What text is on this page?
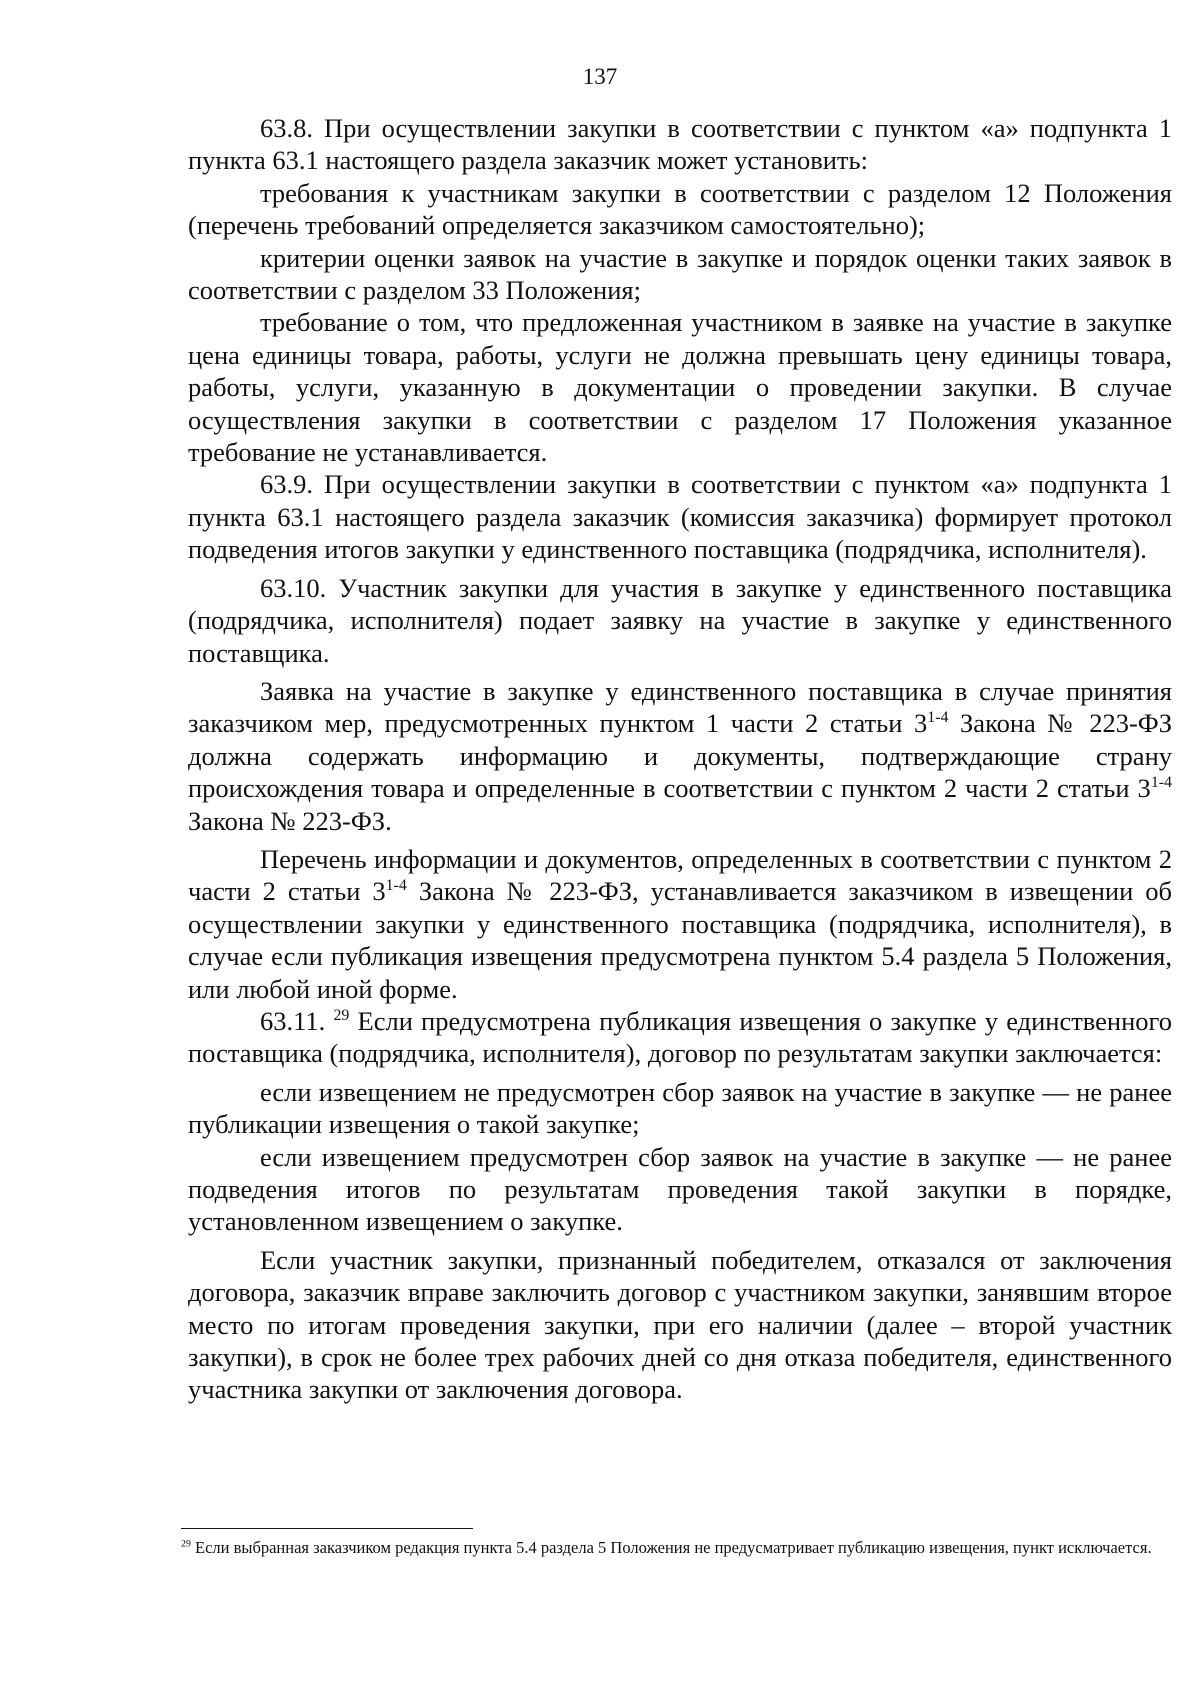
137

63.8. При осуществлении закупки в соответствии с пунктом «а» подпункта 1 пункта 63.1 настоящего раздела заказчик может установить:

требования к участникам закупки в соответствии с разделом 12 Положения (перечень требований определяется заказчиком самостоятельно);

критерии оценки заявок на участие в закупке и порядок оценки таких заявок в соответствии с разделом 33 Положения;

требование о том, что предложенная участником в заявке на участие в закупке цена единицы товара, работы, услуги не должна превышать цену единицы товара, работы, услуги, указанную в документации о проведении закупки. В случае осуществления закупки в соответствии с разделом 17 Положения указанное требование не устанавливается.

63.9. При осуществлении закупки в соответствии с пунктом «а» подпункта 1 пункта 63.1 настоящего раздела заказчик (комиссия заказчика) формирует протокол подведения итогов закупки у единственного поставщика (подрядчика, исполнителя).

63.10. Участник закупки для участия в закупке у единственного поставщика (подрядчика, исполнителя) подает заявку на участие в закупке у единственного поставщика.

Заявка на участие в закупке у единственного поставщика в случае принятия заказчиком мер, предусмотренных пунктом 1 части 2 статьи 3$^{1-4}$ Закона № 223-ФЗ должна содержать информацию и документы, подтверждающие страну происхождения товара и определенные в соответствии с пунктом 2 части 2 статьи 3$^{1-4}$ Закона № 223-ФЗ.

Перечень информации и документов, определенных в соответствии с пунктом 2 части 2 статьи 3$^{1-4}$ Закона № 223-ФЗ, устанавливается заказчиком в извещении об осуществлении закупки у единственного поставщика (подрядчика, исполнителя), в случае если публикация извещения предусмотрена пунктом 5.4 раздела 5 Положения, или любой иной форме.

63.11. $^{29}$ Если предусмотрена публикация извещения о закупке у единственного поставщика (подрядчика, исполнителя), договор по результатам закупки заключается:

если извещением не предусмотрен сбор заявок на участие в закупке — не ранее публикации извещения о такой закупке;

если извещением предусмотрен сбор заявок на участие в закупке — не ранее подведения итогов по результатам проведения такой закупки в порядке, установленном извещением о закупке.

Если участник закупки, признанный победителем, отказался от заключения договора, заказчик вправе заключить договор с участником закупки, занявшим второе место по итогам проведения закупки, при его наличии (далее – второй участник закупки), в срок не более трех рабочих дней со дня отказа победителя, единственного участника закупки от заключения договора.

$^{29}$ Если выбранная заказчиком редакция пункта 5.4 раздела 5 Положения не предусматривает публикацию извещения, пункт исключается.
